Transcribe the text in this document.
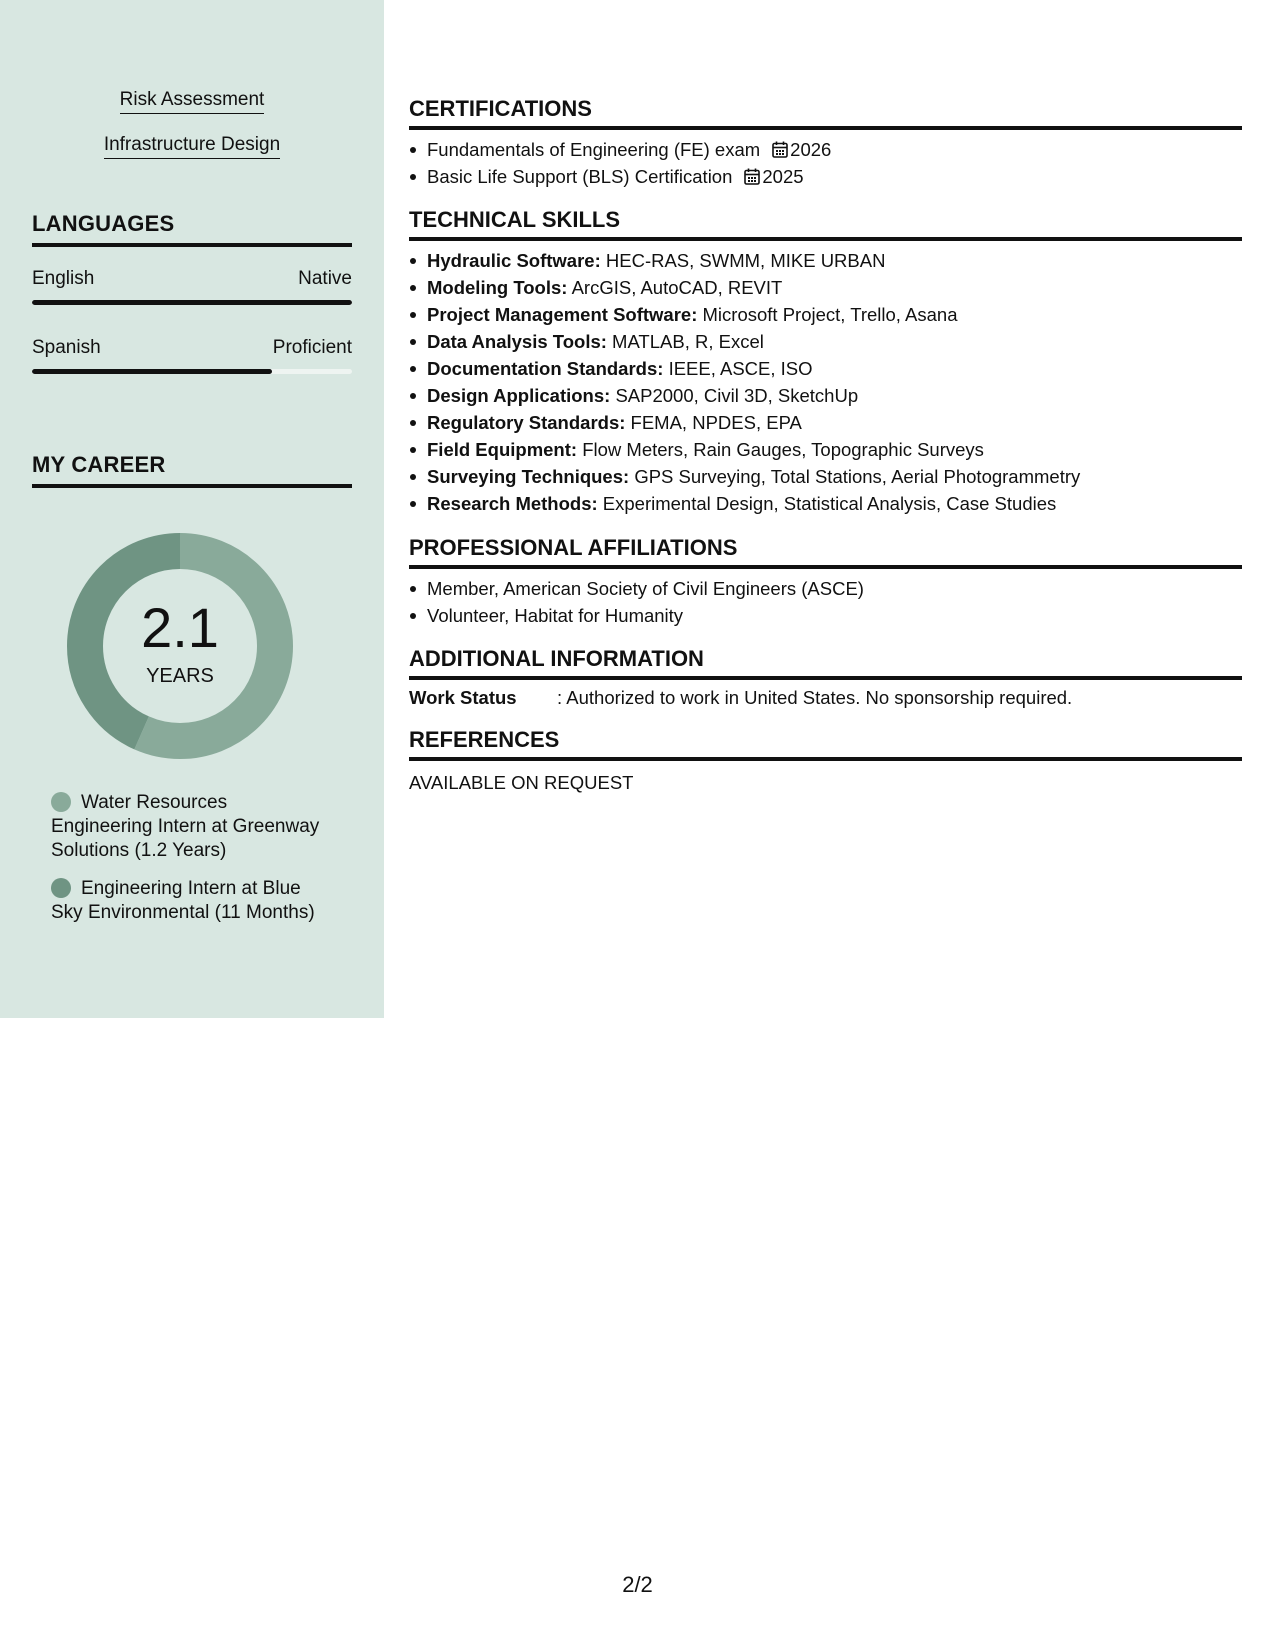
Risk Assessment
Infrastructure Design
LANGUAGES
English	Native
Spanish	Proficient
MY CAREER
2.1
YEARS
Water Resources Engineering Intern at Greenway Solutions (1.2 Years)
Engineering Intern at Blue Sky Environmental (11 Months)
CERTIFICATIONS
Fundamentals of Engineering (FE) exam 2026
Basic Life Support (BLS) Certification 2025
TECHNICAL SKILLS
Hydraulic Software: HEC-RAS, SWMM, MIKE URBAN
Modeling Tools: ArcGIS, AutoCAD, REVIT
Project Management Software: Microsoft Project, Trello, Asana
Data Analysis Tools: MATLAB, R, Excel
Documentation Standards: IEEE, ASCE, ISO
Design Applications: SAP2000, Civil 3D, SketchUp
Regulatory Standards: FEMA, NPDES, EPA
Field Equipment: Flow Meters, Rain Gauges, Topographic Surveys
Surveying Techniques: GPS Surveying, Total Stations, Aerial Photogrammetry
Research Methods: Experimental Design, Statistical Analysis, Case Studies
PROFESSIONAL AFFILIATIONS
Member, American Society of Civil Engineers (ASCE)
Volunteer, Habitat for Humanity
ADDITIONAL INFORMATION
Work Status : Authorized to work in United States. No sponsorship required.
REFERENCES
AVAILABLE ON REQUEST
2/2
